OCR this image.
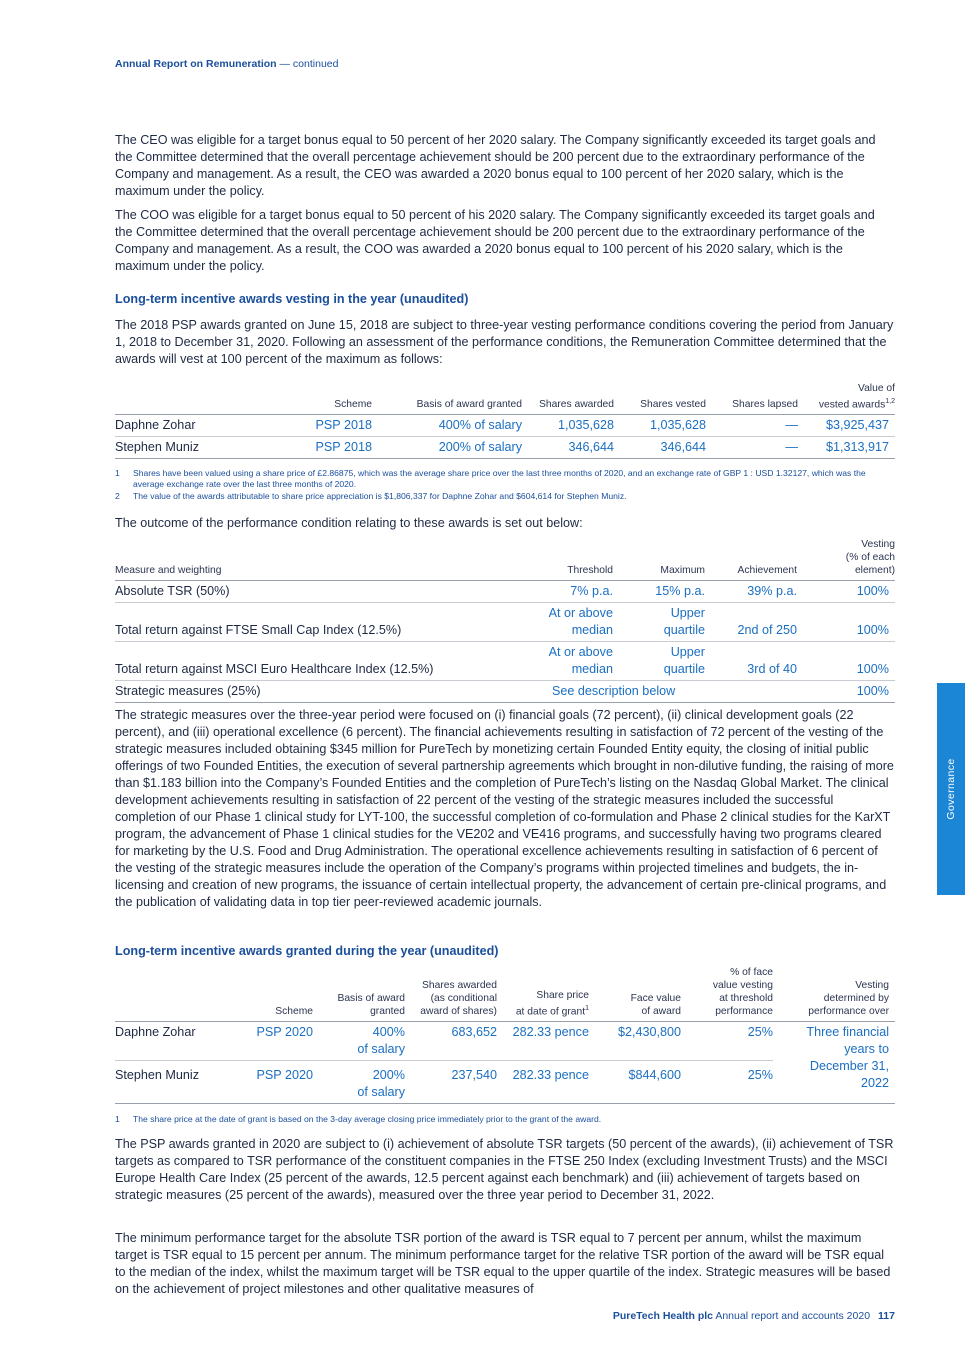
Annual Report on Remuneration — continued

The CEO was eligible for a target bonus equal to 50 percent of her 2020 salary. The Company significantly exceeded its target goals and the Committee determined that the overall percentage achievement should be 200 percent due to the extraordinary performance of the Company and management. As a result, the CEO was awarded a 2020 bonus equal to 100 percent of her 2020 salary, which is the maximum under the policy.

The COO was eligible for a target bonus equal to 50 percent of his 2020 salary. The Company significantly exceeded its target goals and the Committee determined that the overall percentage achievement should be 200 percent due to the extraordinary performance of the Company and management. As a result, the COO was awarded a 2020 bonus equal to 100 percent of his 2020 salary, which is the maximum under the policy.

Long-term incentive awards vesting in the year (unaudited)

The 2018 PSP awards granted on June 15, 2018 are subject to three-year vesting performance conditions covering the period from January 1, 2018 to December 31, 2020. Following an assessment of the performance conditions, the Remuneration Committee determined that the awards will vest at 100 percent of the maximum as follows:

	Scheme	Basis of award granted	Shares awarded	Shares vested	Shares lapsed	Value of
vested awards$^{1,2}$
Daphne Zohar	PSP 2018	400% of salary	1,035,628	1,035,628	—	$3,925,437
Stephen Muniz	PSP 2018	200% of salary	346,644	346,644	—	$1,313,917
1	Shares have been valued using a share price of £2.86875, which was the average share price over the last three months of 2020, and an exchange rate of GBP 1 : USD 1.32127, which was the average exchange rate over the last three months of 2020.
2	The value of the awards attributable to share price appreciation is $1,806,337 for Daphne Zohar and $604,614 for Stephen Muniz.

The outcome of the performance condition relating to these awards is set out below:

Measure and weighting	Threshold	Maximum	Achievement	Vesting
(% of each
element)
Absolute TSR (50%)	7% p.a.	15% p.a.	39% p.a.	100%
Total return against FTSE Small Cap Index (12.5%)	At or above
median	Upper
quartile	2nd of 250	100%
Total return against MSCI Euro Healthcare Index (12.5%)	At or above
median	Upper
quartile	3rd of 40	100%
Strategic measures (25%)	See description below			100%

The strategic measures over the three-year period were focused on (i) financial goals (72 percent), (ii) clinical development goals (22 percent), and (iii) operational excellence (6 percent). The financial achievements resulting in satisfaction of 72 percent of the vesting of the strategic measures included obtaining $345 million for PureTech by monetizing certain Founded Entity equity, the closing of initial public offerings of two Founded Entities, the execution of several partnership agreements which brought in non-dilutive funding, the raising of more than $1.183 billion into the Company’s Founded Entities and the completion of PureTech’s listing on the Nasdaq Global Market. The clinical development achievements resulting in satisfaction of 22 percent of the vesting of the strategic measures included the successful completion of our Phase 1 clinical study for LYT-100, the successful completion of co-formulation and Phase 2 clinical studies for the KarXT program, the advancement of Phase 1 clinical studies for the VE202 and VE416 programs, and successfully having two programs cleared for marketing by the U.S. Food and Drug Administration. The operational excellence achievements resulting in satisfaction of 6 percent of the vesting of the strategic measures include the operation of the Company’s programs within projected timelines and budgets, the in-licensing and creation of new programs, the issuance of certain intellectual property, the advancement of certain pre-clinical programs, and the publication of validating data in top tier peer-reviewed academic journals.

Long-term incentive awards granted during the year (unaudited)
	Scheme	Basis of award
granted	Shares awarded
(as conditional
award of shares)	Share price
at date of grant$^1$	Face value
of award	% of face
value vesting
at threshold
performance	Vesting
determined by
performance over
Daphne Zohar	PSP 2020	400%
of salary	683,652	282.33 pence	$2,430,800	25%	Three financial
years to
December 31,
2022
Stephen Muniz	PSP 2020	200%
of salary	237,540	282.33 pence	$844,600	25%	
1	The share price at the date of grant is based on the 3-day average closing price immediately prior to the grant of the award.

The PSP awards granted in 2020 are subject to (i) achievement of absolute TSR targets (50 percent of the awards), (ii) achievement of TSR targets as compared to TSR performance of the constituent companies in the FTSE 250 Index (excluding Investment Trusts) and the MSCI Europe Health Care Index (25 percent of the awards, 12.5 percent against each benchmark) and (iii) achievement of targets based on strategic measures (25 percent of the awards), measured over the three year period to December 31, 2022.

The minimum performance target for the absolute TSR portion of the award is TSR equal to 7 percent per annum, whilst the maximum target is TSR equal to 15 percent per annum. The minimum performance target for the relative TSR portion of the award will be TSR equal to the median of the index, whilst the maximum target will be TSR equal to the upper quartile of the index. Strategic measures will be based on the achievement of project milestones and other qualitative measures of

Governance
PureTech Health plc Annual report and accounts 2020 117
